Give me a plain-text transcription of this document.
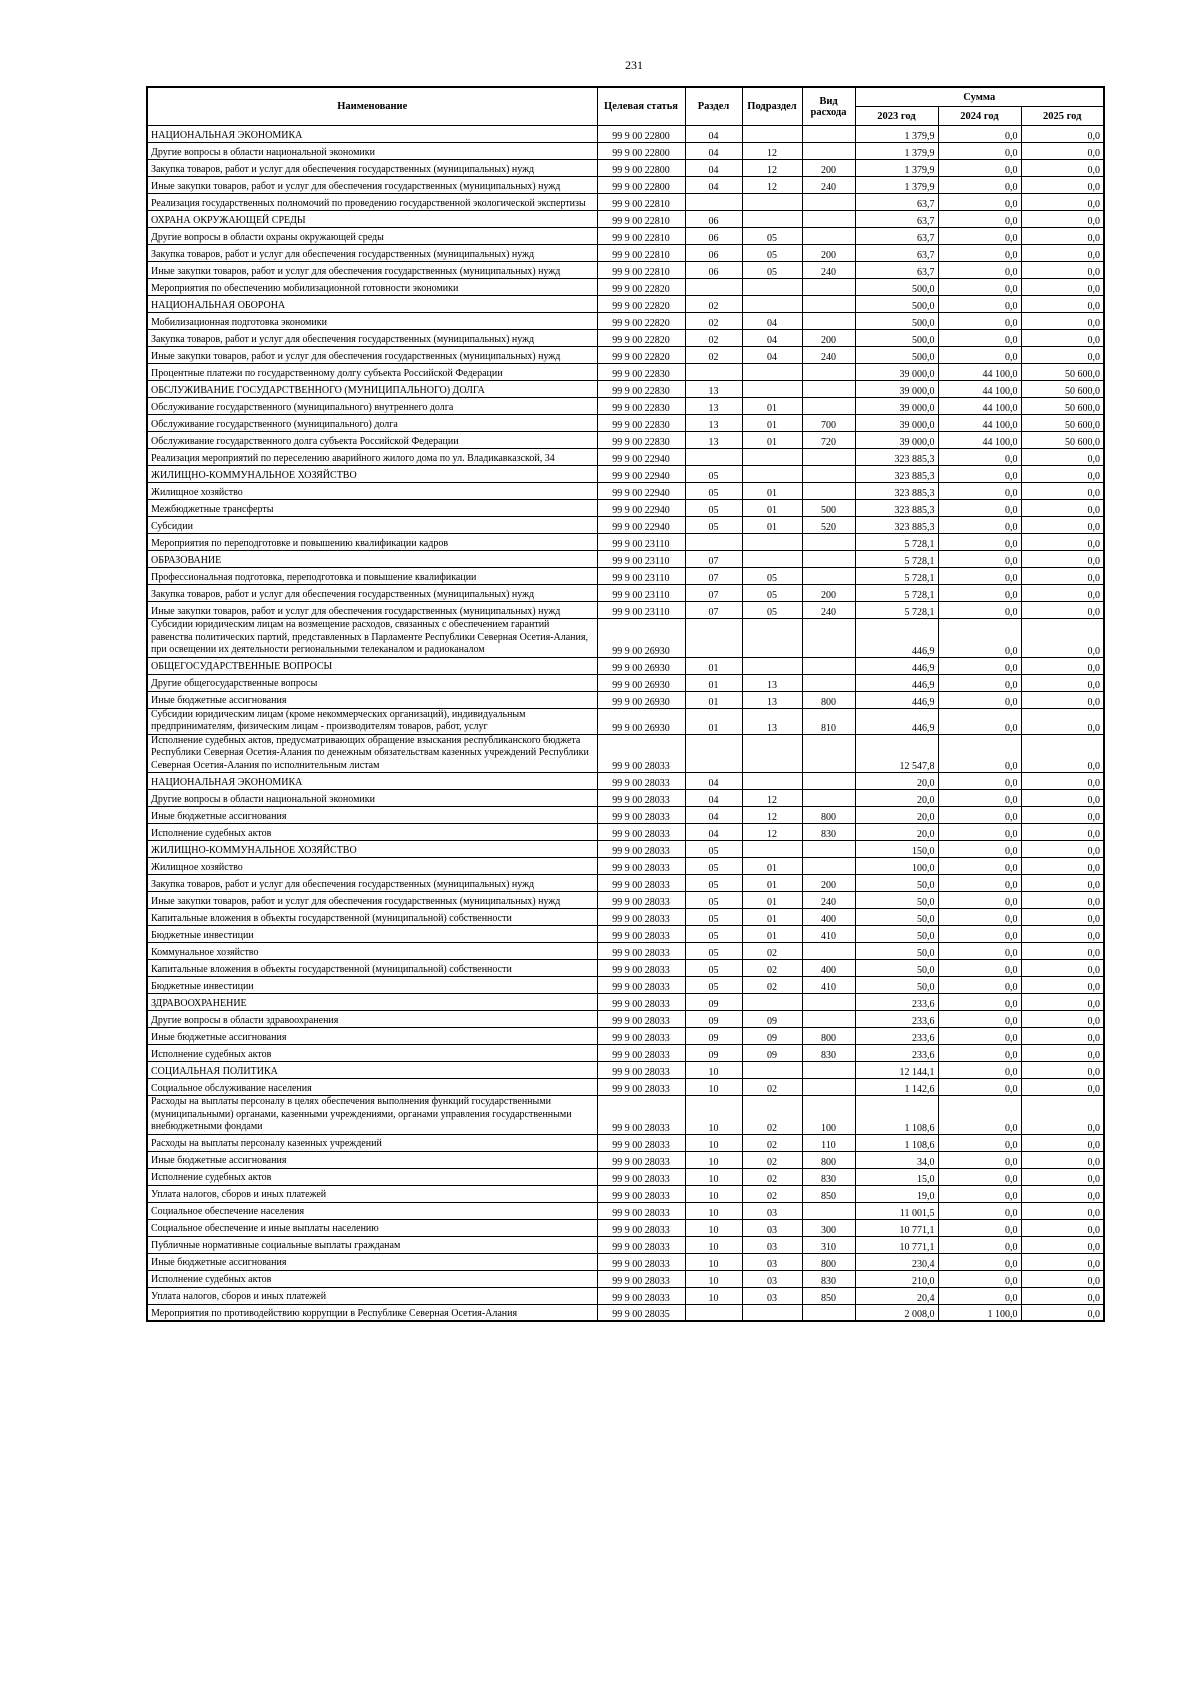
231
Наименование	Целевая статья	Раздел	Подраздел	Вид расхода	Сумма		
					2023 год	2024 год	2025 год
НАЦИОНАЛЬНАЯ ЭКОНОМИКА	99 9 00 22800	04			1 379,9	0,0	0,0
Другие вопросы в области национальной экономики	99 9 00 22800	04	12		1 379,9	0,0	0,0
Закупка товаров, работ и услуг для обеспечения государственных (муниципальных) нужд	99 9 00 22800	04	12	200	1 379,9	0,0	0,0
Иные закупки товаров, работ и услуг для обеспечения государственных (муниципальных) нужд	99 9 00 22800	04	12	240	1 379,9	0,0	0,0
Реализация государственных полномочий по проведению государственной экологической экспертизы	99 9 00 22810				63,7	0,0	0,0
ОХРАНА ОКРУЖАЮЩЕЙ СРЕДЫ	99 9 00 22810	06			63,7	0,0	0,0
Другие вопросы в области охраны окружающей среды	99 9 00 22810	06	05		63,7	0,0	0,0
Закупка товаров, работ и услуг для обеспечения государственных (муниципальных) нужд	99 9 00 22810	06	05	200	63,7	0,0	0,0
Иные закупки товаров, работ и услуг для обеспечения государственных (муниципальных) нужд	99 9 00 22810	06	05	240	63,7	0,0	0,0
Мероприятия по обеспечению мобилизационной готовности экономики	99 9 00 22820				500,0	0,0	0,0
НАЦИОНАЛЬНАЯ ОБОРОНА	99 9 00 22820	02			500,0	0,0	0,0
Мобилизационная подготовка экономики	99 9 00 22820	02	04		500,0	0,0	0,0
Закупка товаров, работ и услуг для обеспечения государственных (муниципальных) нужд	99 9 00 22820	02	04	200	500,0	0,0	0,0
Иные закупки товаров, работ и услуг для обеспечения государственных (муниципальных) нужд	99 9 00 22820	02	04	240	500,0	0,0	0,0
Процентные платежи по государственному долгу субъекта Российской Федерации	99 9 00 22830				39 000,0	44 100,0	50 600,0
ОБСЛУЖИВАНИЕ ГОСУДАРСТВЕННОГО (МУНИЦИПАЛЬНОГО) ДОЛГА	99 9 00 22830	13			39 000,0	44 100,0	50 600,0
Обслуживание государственного (муниципального) внутреннего долга	99 9 00 22830	13	01		39 000,0	44 100,0	50 600,0
Обслуживание государственного (муниципального) долга	99 9 00 22830	13	01	700	39 000,0	44 100,0	50 600,0
Обслуживание государственного долга субъекта Российской Федерации	99 9 00 22830	13	01	720	39 000,0	44 100,0	50 600,0
Реализация мероприятий по переселению аварийного жилого дома по ул. Владикавказской, 34	99 9 00 22940				323 885,3	0,0	0,0
ЖИЛИЩНО-КОММУНАЛЬНОЕ ХОЗЯЙСТВО	99 9 00 22940	05			323 885,3	0,0	0,0
Жилищное хозяйство	99 9 00 22940	05	01		323 885,3	0,0	0,0
Межбюджетные трансферты	99 9 00 22940	05	01	500	323 885,3	0,0	0,0
Субсидии	99 9 00 22940	05	01	520	323 885,3	0,0	0,0
Мероприятия по переподготовке и повышению квалификации кадров	99 9 00 23110				5 728,1	0,0	0,0
ОБРАЗОВАНИЕ	99 9 00 23110	07			5 728,1	0,0	0,0
Профессиональная подготовка, переподготовка и повышение квалификации	99 9 00 23110	07	05		5 728,1	0,0	0,0
Закупка товаров, работ и услуг для обеспечения государственных (муниципальных) нужд	99 9 00 23110	07	05	200	5 728,1	0,0	0,0
Иные закупки товаров, работ и услуг для обеспечения государственных (муниципальных) нужд	99 9 00 23110	07	05	240	5 728,1	0,0	0,0
Субсидии юридическим лицам на возмещение расходов, связанных с обеспечением гарантий равенства политических партий, представленных в Парламенте Республики Северная Осетия-Алания, при освещении их деятельности региональными телеканалом и радиоканалом	99 9 00 26930				446,9	0,0	0,0
ОБЩЕГОСУДАРСТВЕННЫЕ ВОПРОСЫ	99 9 00 26930	01			446,9	0,0	0,0
Другие общегосударственные вопросы	99 9 00 26930	01	13		446,9	0,0	0,0
Иные бюджетные ассигнования	99 9 00 26930	01	13	800	446,9	0,0	0,0
Субсидии юридическим лицам (кроме некоммерческих организаций), индивидуальным предпринимателям, физическим лицам - производителям товаров, работ, услуг	99 9 00 26930	01	13	810	446,9	0,0	0,0
Исполнение судебных актов, предусматривающих обращение взыскания республиканского бюджета Республики Северная Осетия-Алания по денежным обязательствам казенных учреждений Республики Северная Осетия-Алания по исполнительным листам	99 9 00 28033				12 547,8	0,0	0,0
НАЦИОНАЛЬНАЯ ЭКОНОМИКА	99 9 00 28033	04			20,0	0,0	0,0
Другие вопросы в области национальной экономики	99 9 00 28033	04	12		20,0	0,0	0,0
Иные бюджетные ассигнования	99 9 00 28033	04	12	800	20,0	0,0	0,0
Исполнение судебных актов	99 9 00 28033	04	12	830	20,0	0,0	0,0
ЖИЛИЩНО-КОММУНАЛЬНОЕ ХОЗЯЙСТВО	99 9 00 28033	05			150,0	0,0	0,0
Жилищное хозяйство	99 9 00 28033	05	01		100,0	0,0	0,0
Закупка товаров, работ и услуг для обеспечения государственных (муниципальных) нужд	99 9 00 28033	05	01	200	50,0	0,0	0,0
Иные закупки товаров, работ и услуг для обеспечения государственных (муниципальных) нужд	99 9 00 28033	05	01	240	50,0	0,0	0,0
Капитальные вложения в объекты государственной (муниципальной) собственности	99 9 00 28033	05	01	400	50,0	0,0	0,0
Бюджетные инвестиции	99 9 00 28033	05	01	410	50,0	0,0	0,0
Коммунальное хозяйство	99 9 00 28033	05	02		50,0	0,0	0,0
Капитальные вложения в объекты государственной (муниципальной) собственности	99 9 00 28033	05	02	400	50,0	0,0	0,0
Бюджетные инвестиции	99 9 00 28033	05	02	410	50,0	0,0	0,0
ЗДРАВООХРАНЕНИЕ	99 9 00 28033	09			233,6	0,0	0,0
Другие вопросы в области здравоохранения	99 9 00 28033	09	09		233,6	0,0	0,0
Иные бюджетные ассигнования	99 9 00 28033	09	09	800	233,6	0,0	0,0
Исполнение судебных актов	99 9 00 28033	09	09	830	233,6	0,0	0,0
СОЦИАЛЬНАЯ ПОЛИТИКА	99 9 00 28033	10			12 144,1	0,0	0,0
Социальное обслуживание населения	99 9 00 28033	10	02		1 142,6	0,0	0,0
Расходы на выплаты персоналу в целях обеспечения выполнения функций государственными (муниципальными) органами, казенными учреждениями, органами управления государственными внебюджетными фондами	99 9 00 28033	10	02	100	1 108,6	0,0	0,0
Расходы на выплаты персоналу казенных учреждений	99 9 00 28033	10	02	110	1 108,6	0,0	0,0
Иные бюджетные ассигнования	99 9 00 28033	10	02	800	34,0	0,0	0,0
Исполнение судебных актов	99 9 00 28033	10	02	830	15,0	0,0	0,0
Уплата налогов, сборов и иных платежей	99 9 00 28033	10	02	850	19,0	0,0	0,0
Социальное обеспечение населения	99 9 00 28033	10	03		11 001,5	0,0	0,0
Социальное обеспечение и иные выплаты населению	99 9 00 28033	10	03	300	10 771,1	0,0	0,0
Публичные нормативные социальные выплаты гражданам	99 9 00 28033	10	03	310	10 771,1	0,0	0,0
Иные бюджетные ассигнования	99 9 00 28033	10	03	800	230,4	0,0	0,0
Исполнение судебных актов	99 9 00 28033	10	03	830	210,0	0,0	0,0
Уплата налогов, сборов и иных платежей	99 9 00 28033	10	03	850	20,4	0,0	0,0
Мероприятия по противодействию коррупции в Республике Северная Осетия-Алания	99 9 00 28035				2 008,0	1 100,0	0,0
